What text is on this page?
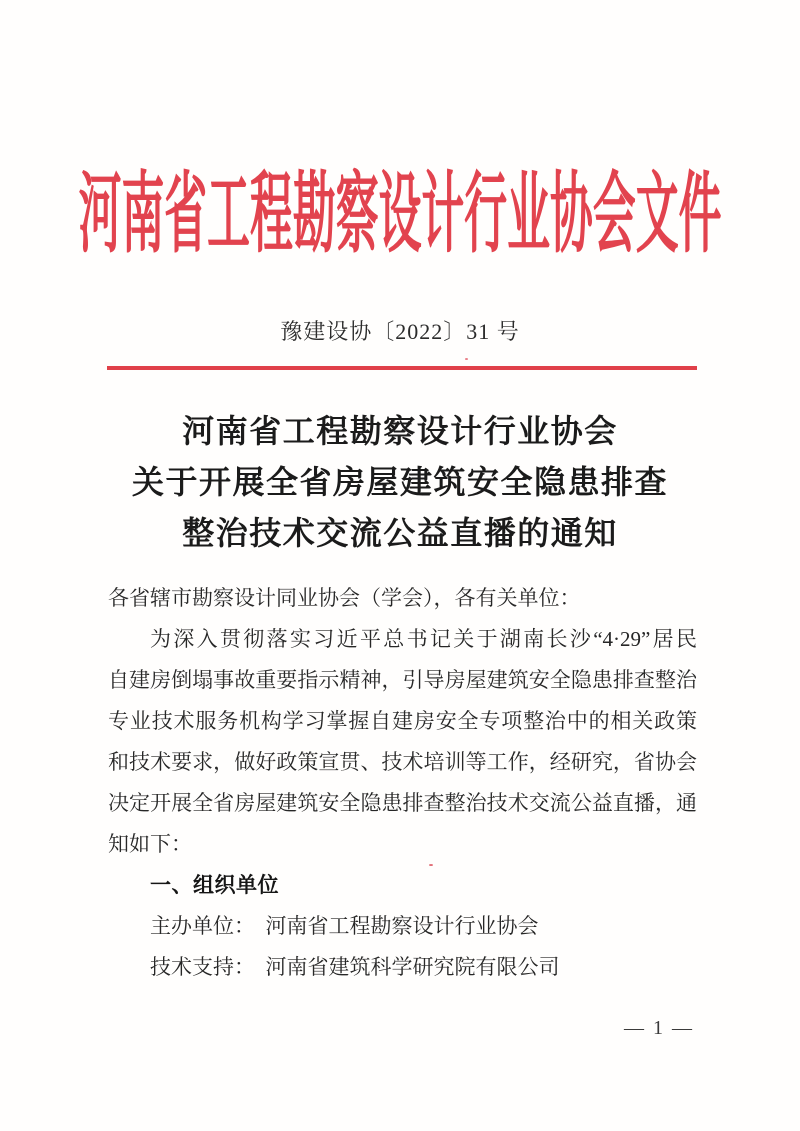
河南省工程勘察设计行业协会文件
豫建设协〔2022〕31 号
河南省工程勘察设计行业协会
关于开展全省房屋建筑安全隐患排查
整治技术交流公益直播的通知
各省辖市勘察设计同业协会（学会），各有关单位：
为深入贯彻落实习近平总书记关于湖南长沙“4·29”居民
自建房倒塌事故重要指示精神，引导房屋建筑安全隐患排查整治
专业技术服务机构学习掌握自建房安全专项整治中的相关政策
和技术要求，做好政策宣贯、技术培训等工作，经研究，省协会
决定开展全省房屋建筑安全隐患排查整治技术交流公益直播，通
知如下：
一、组织单位
主办单位：　河南省工程勘察设计行业协会
技术支持：　河南省建筑科学研究院有限公司
— 1 —
